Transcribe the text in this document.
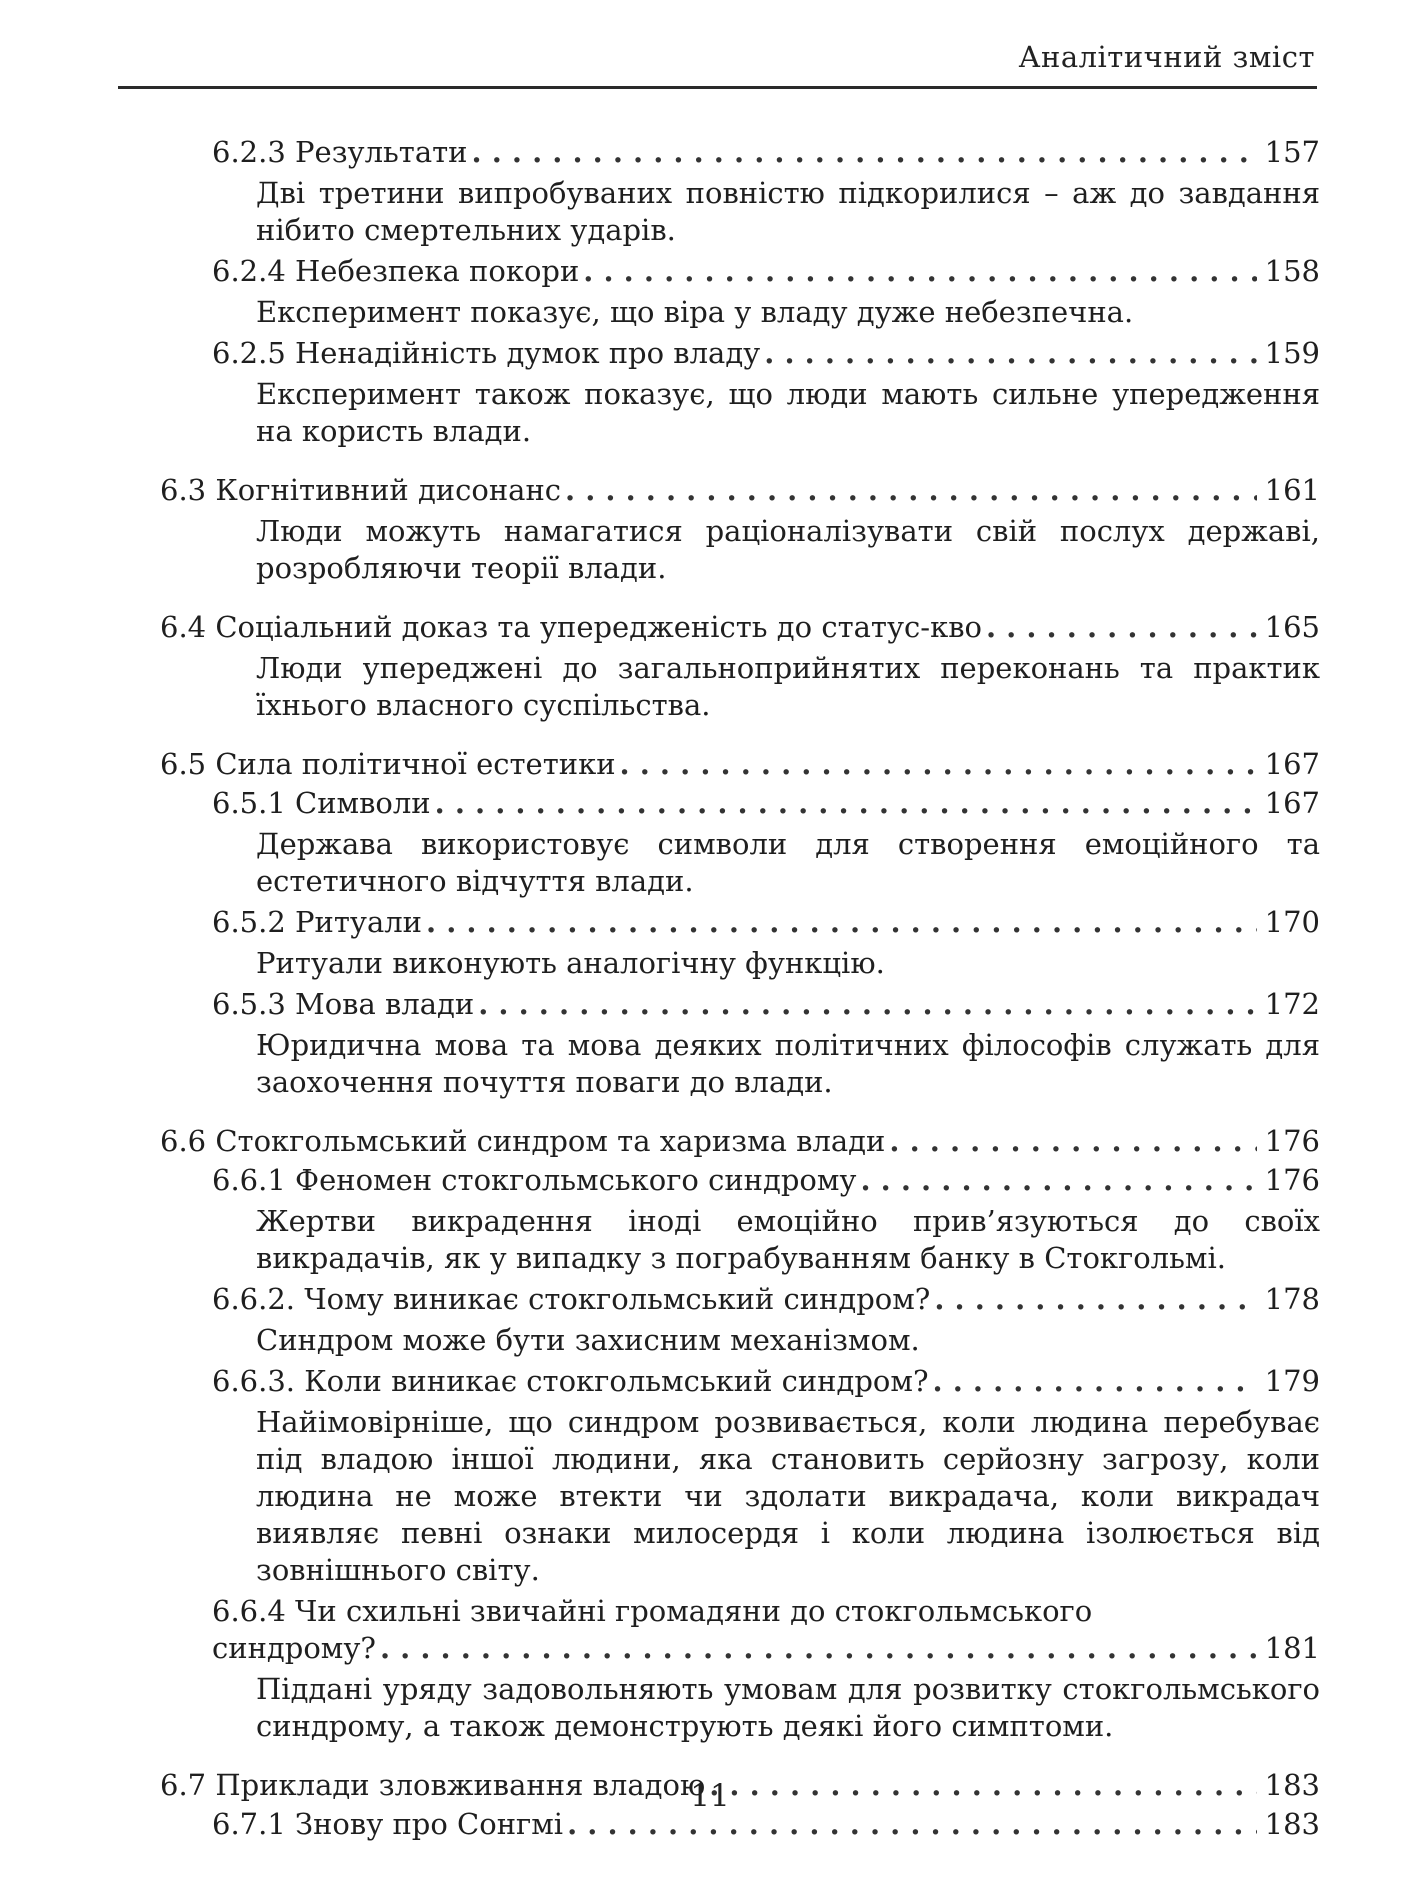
Аналітичний зміст
6.2.3 Результати . . .	157
Дві третини випробуваних повністю підкорилися – аж до завдання нібито смертельних ударів.
6.2.4 Небезпека покори . . .	158
Експеримент показує, що віра у владу дуже небезпечна.
6.2.5 Ненадійність думок про владу . . .	159
Експеримент також показує, що люди мають сильне упередження на користь влади.
6.3 Когнітивний дисонанс . . .	161
Люди можуть намагатися раціоналізувати свій послух державі, розробляючи теорії влади.
6.4 Соціальний доказ та упередженість до статус-кво . . .	165
Люди упереджені до загальноприйнятих переконань та практик їхнього власного суспільства.
6.5 Сила політичної естетики . . .	167
6.5.1 Символи . . .	167
Держава використовує символи для створення емоційного та естетичного відчуття влади.
6.5.2 Ритуали . . .	170
Ритуали виконують аналогічну функцію.
6.5.3 Мова влади . . .	172
Юридична мова та мова деяких політичних філософів служать для заохочення почуття поваги до влади.
6.6 Стокгольмський синдром та харизма влади . . .	176
6.6.1 Феномен стокгольмського синдрому . . .	176
Жертви викрадення іноді емоційно прив’язуються до своїх викрадачів, як у випадку з пограбуванням банку в Стокгольмі.
6.6.2. Чому виникає стокгольмський синдром? . . .	178
Синдром може бути захисним механізмом.
6.6.3. Коли виникає стокгольмський синдром? . . .	179
Найімовірніше, що синдром розвивається, коли людина перебуває під владою іншої людини, яка становить серйозну загрозу, коли людина не може втекти чи здолати викрадача, коли викрадач виявляє певні ознаки милосердя і коли людина ізолюється від зовнішнього світу.
6.6.4 Чи схильні звичайні громадяни до стокгольмського
синдрому? . . .	181
Піддані уряду задовольняють умовам для розвитку стокгольмського синдрому, а також демонструють деякі його симптоми.
6.7 Приклади зловживання владою . . .	183
6.7.1 Знову про Сонгмі . . .	183
11
